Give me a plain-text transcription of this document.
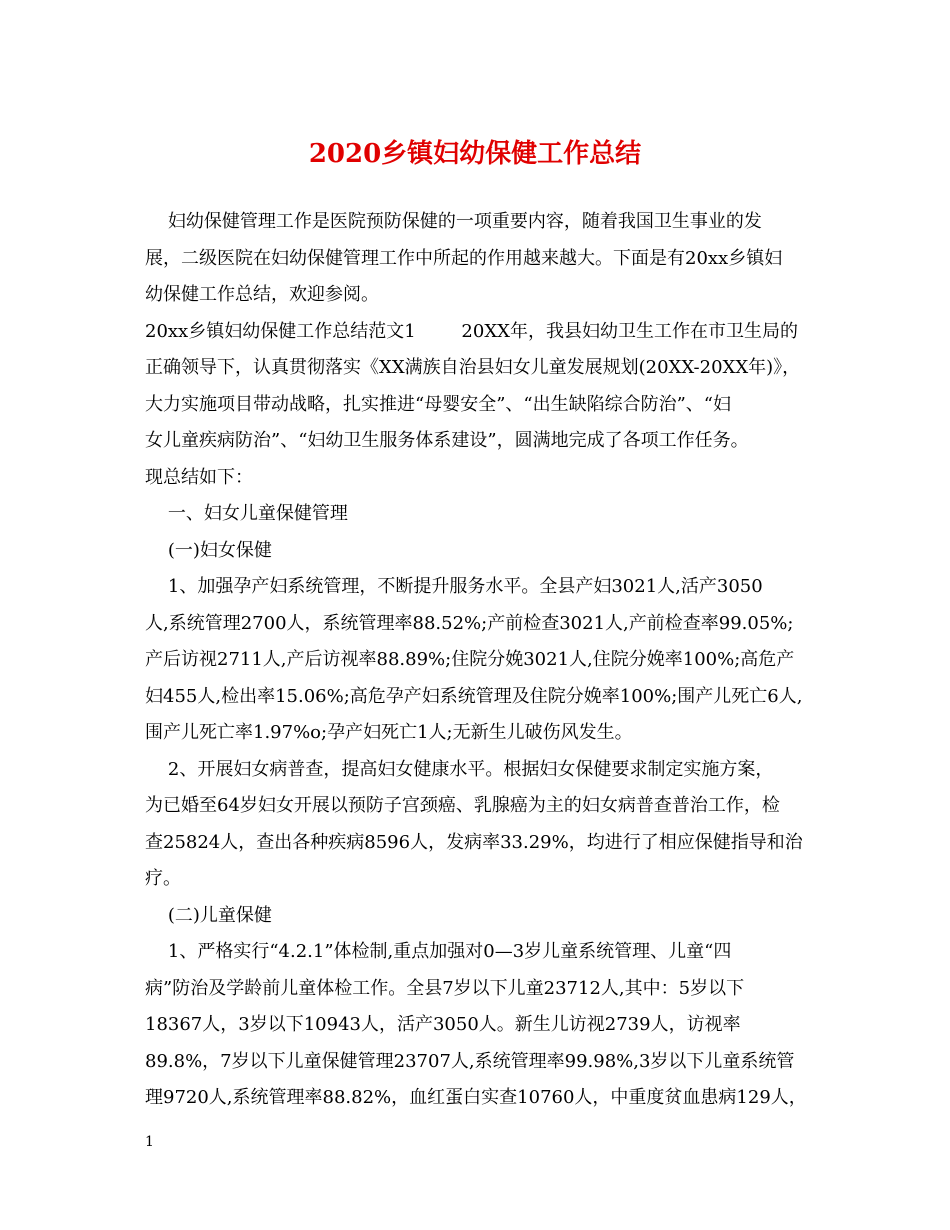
2020乡镇妇幼保健工作总结
妇幼保健管理工作是医院预防保健的一项重要内容，随着我国卫生事业的发
展，二级医院在妇幼保健管理工作中所起的作用越来越大。下面是有20xx乡镇妇
幼保健工作总结，欢迎参阅。
20xx乡镇妇幼保健工作总结范文1        20XX年，我县妇幼卫生工作在市卫生局的
正确领导下，认真贯彻落实《XX满族自治县妇女儿童发展规划(20XX-20XX年)》，
大力实施项目带动战略，扎实推进“母婴安全”、“出生缺陷综合防治”、“妇
女儿童疾病防治”、“妇幼卫生服务体系建设”，圆满地完成了各项工作任务。
现总结如下：
一、妇女儿童保健管理
(一)妇女保健
1、加强孕产妇系统管理，不断提升服务水平。全县产妇3021人,活产3050
人,系统管理2700人，系统管理率88.52%;产前检查3021人,产前检查率99.05%;
产后访视2711人,产后访视率88.89%;住院分娩3021人,住院分娩率100%;高危产
妇455人,检出率15.06%;高危孕产妇系统管理及住院分娩率100%;围产儿死亡6人,
围产儿死亡率1.97%o;孕产妇死亡1人;无新生儿破伤风发生。
2、开展妇女病普查，提高妇女健康水平。根据妇女保健要求制定实施方案，
为已婚至64岁妇女开展以预防子宫颈癌、乳腺癌为主的妇女病普查普治工作，检
查25824人，查出各种疾病8596人，发病率33.29%，均进行了相应保健指导和治
疗。
(二)儿童保健
1、严格实行“4.2.1”体检制,重点加强对0—3岁儿童系统管理、儿童“四
病”防治及学龄前儿童体检工作。全县7岁以下儿童23712人,其中：5岁以下
18367人，3岁以下10943人，活产3050人。新生儿访视2739人，访视率
89.8%，7岁以下儿童保健管理23707人,系统管理率99.98%,3岁以下儿童系统管
理9720人,系统管理率88.82%，血红蛋白实查10760人，中重度贫血患病129人，
1
